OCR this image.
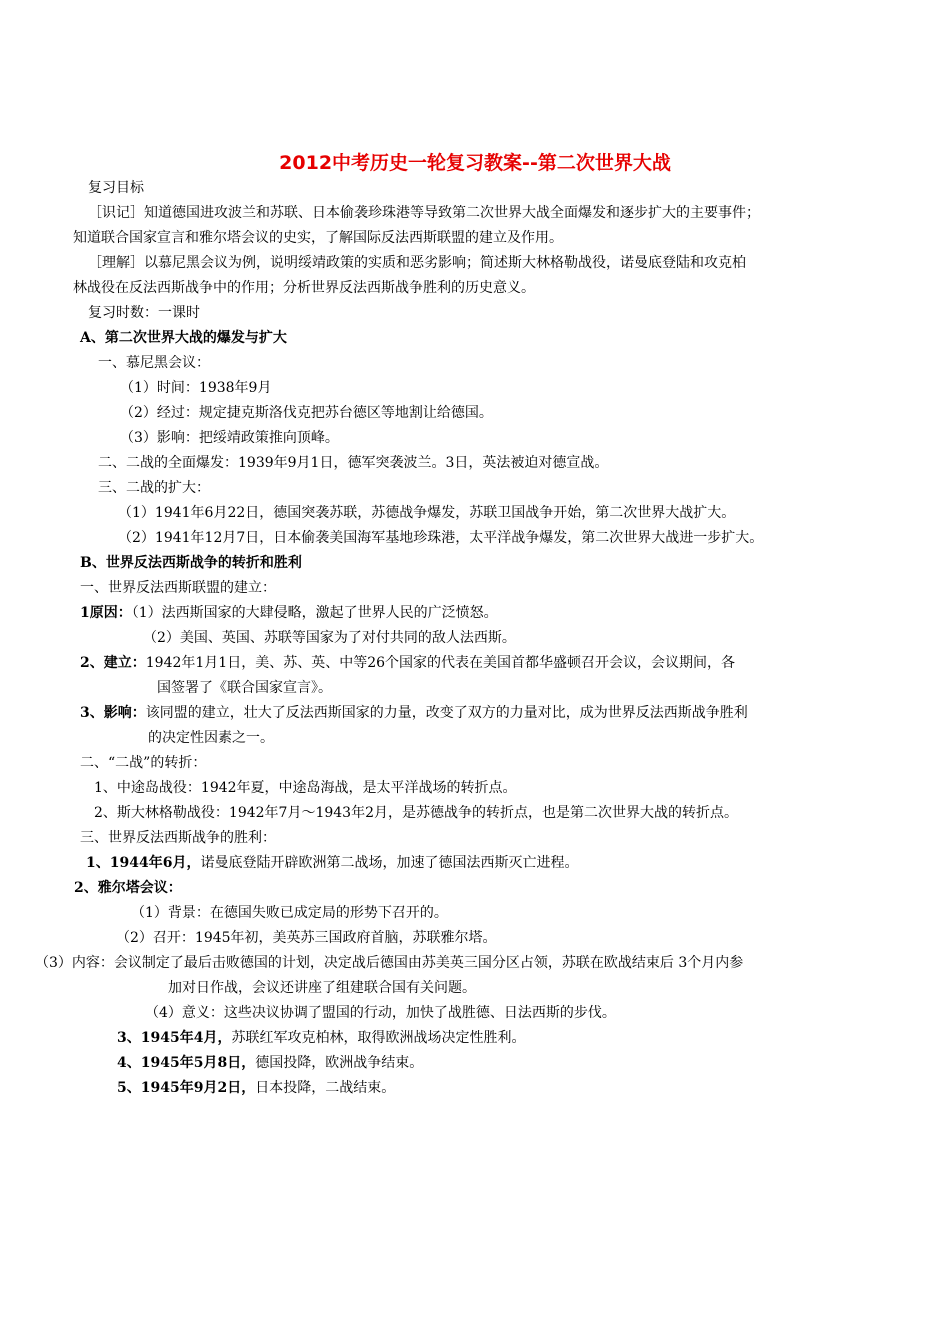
2012中考历史一轮复习教案--第二次世界大战
复习目标
［识记］知道德国进攻波兰和苏联、日本偷袭珍珠港等导致第二次世界大战全面爆发和逐步扩大的主要事件；
知道联合国家宣言和雅尔塔会议的史实，了解国际反法西斯联盟的建立及作用。
［理解］以慕尼黑会议为例，说明绥靖政策的实质和恶劣影响；简述斯大林格勒战役，诺曼底登陆和攻克柏
林战役在反法西斯战争中的作用；分析世界反法西斯战争胜利的历史意义。
复习时数：一课时
A、第二次世界大战的爆发与扩大
一、慕尼黑会议：
（1）时间：1938年9月
（2）经过：规定捷克斯洛伐克把苏台德区等地割让给德国。
（3）影响：把绥靖政策推向顶峰。
二、二战的全面爆发：1939年9月1日，德军突袭波兰。3日，英法被迫对德宣战。
三、二战的扩大：
（1）1941年6月22日，德国突袭苏联，苏德战争爆发，苏联卫国战争开始，第二次世界大战扩大。
（2）1941年12月7日，日本偷袭美国海军基地珍珠港，太平洋战争爆发，第二次世界大战进一步扩大。
B、世界反法西斯战争的转折和胜利
一、世界反法西斯联盟的建立：
1原因：（1）法西斯国家的大肆侵略，激起了世界人民的广泛愤怒。
（2）美国、英国、苏联等国家为了对付共同的敌人法西斯。
2、建立：1942年1月1日，美、苏、英、中等26个国家的代表在美国首都华盛顿召开会议，会议期间，各
国签署了《联合国家宣言》。
3、影响：该同盟的建立，壮大了反法西斯国家的力量，改变了双方的力量对比，成为世界反法西斯战争胜利
的决定性因素之一。
二、“二战”的转折：
1、中途岛战役：1942年夏，中途岛海战，是太平洋战场的转折点。
2、斯大林格勒战役：1942年7月～1943年2月，是苏德战争的转折点，也是第二次世界大战的转折点。
三、世界反法西斯战争的胜利：
1、1944年6月，诺曼底登陆开辟欧洲第二战场，加速了德国法西斯灭亡进程。
2、雅尔塔会议：
（1）背景：在德国失败已成定局的形势下召开的。
（2）召开：1945年初，美英苏三国政府首脑，苏联雅尔塔。
（3）内容：会议制定了最后击败德国的计划，决定战后德国由苏美英三国分区占领，苏联在欧战结束后 3个月内参
加对日作战，会议还讲座了组建联合国有关问题。
（4）意义：这些决议协调了盟国的行动，加快了战胜德、日法西斯的步伐。
3、1945年4月，苏联红军攻克柏林，取得欧洲战场决定性胜利。
4、1945年5月8日，德国投降，欧洲战争结束。
5、1945年9月2日，日本投降，二战结束。
